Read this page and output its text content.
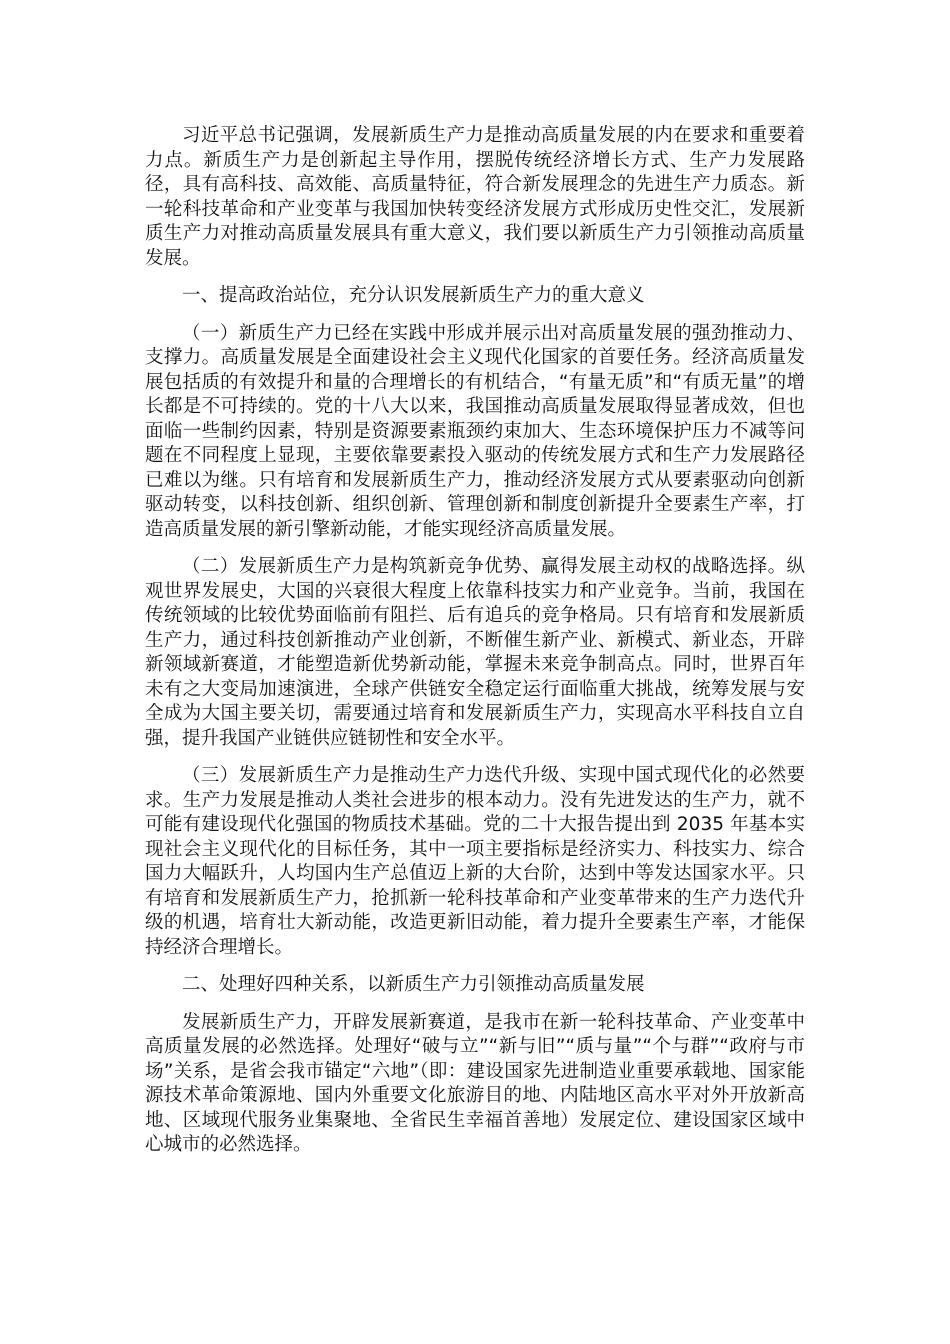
习近平总书记强调，发展新质生产力是推动高质量发展的内在要求和重要着力点。新质生产力是创新起主导作用，摆脱传统经济增长方式、生产力发展路径，具有高科技、高效能、高质量特征，符合新发展理念的先进生产力质态。新一轮科技革命和产业变革与我国加快转变经济发展方式形成历史性交汇，发展新质生产力对推动高质量发展具有重大意义，我们要以新质生产力引领推动高质量发展。

一、提高政治站位，充分认识发展新质生产力的重大意义

（一）新质生产力已经在实践中形成并展示出对高质量发展的强劲推动力、支撑力。高质量发展是全面建设社会主义现代化国家的首要任务。经济高质量发展包括质的有效提升和量的合理增长的有机结合，“有量无质”和“有质无量”的增长都是不可持续的。党的十八大以来，我国推动高质量发展取得显著成效，但也面临一些制约因素，特别是资源要素瓶颈约束加大、生态环境保护压力不减等问题在不同程度上显现，主要依靠要素投入驱动的传统发展方式和生产力发展路径已难以为继。只有培育和发展新质生产力，推动经济发展方式从要素驱动向创新驱动转变，以科技创新、组织创新、管理创新和制度创新提升全要素生产率，打造高质量发展的新引擎新动能，才能实现经济高质量发展。

（二）发展新质生产力是构筑新竞争优势、赢得发展主动权的战略选择。纵观世界发展史，大国的兴衰很大程度上依靠科技实力和产业竞争。当前，我国在传统领域的比较优势面临前有阻拦、后有追兵的竞争格局。只有培育和发展新质生产力，通过科技创新推动产业创新，不断催生新产业、新模式、新业态，开辟新领域新赛道，才能塑造新优势新动能，掌握未来竞争制高点。同时，世界百年未有之大变局加速演进，全球产供链安全稳定运行面临重大挑战，统筹发展与安全成为大国主要关切，需要通过培育和发展新质生产力，实现高水平科技自立自强，提升我国产业链供应链韧性和安全水平。

（三）发展新质生产力是推动生产力迭代升级、实现中国式现代化的必然要求。生产力发展是推动人类社会进步的根本动力。没有先进发达的生产力，就不可能有建设现代化强国的物质技术基础。党的二十大报告提出到 2035 年基本实现社会主义现代化的目标任务，其中一项主要指标是经济实力、科技实力、综合国力大幅跃升，人均国内生产总值迈上新的大台阶，达到中等发达国家水平。只有培育和发展新质生产力，抢抓新一轮科技革命和产业变革带来的生产力迭代升级的机遇，培育壮大新动能，改造更新旧动能，着力提升全要素生产率，才能保持经济合理增长。

二、处理好四种关系，以新质生产力引领推动高质量发展

发展新质生产力，开辟发展新赛道，是我市在新一轮科技革命、产业变革中高质量发展的必然选择。处理好“破与立”“新与旧”“质与量”“个与群”“政府与市场”关系，是省会我市锚定“六地”（即：建设国家先进制造业重要承载地、国家能源技术革命策源地、国内外重要文化旅游目的地、内陆地区高水平对外开放新高地、区域现代服务业集聚地、全省民生幸福首善地）发展定位、建设国家区域中心城市的必然选择。
